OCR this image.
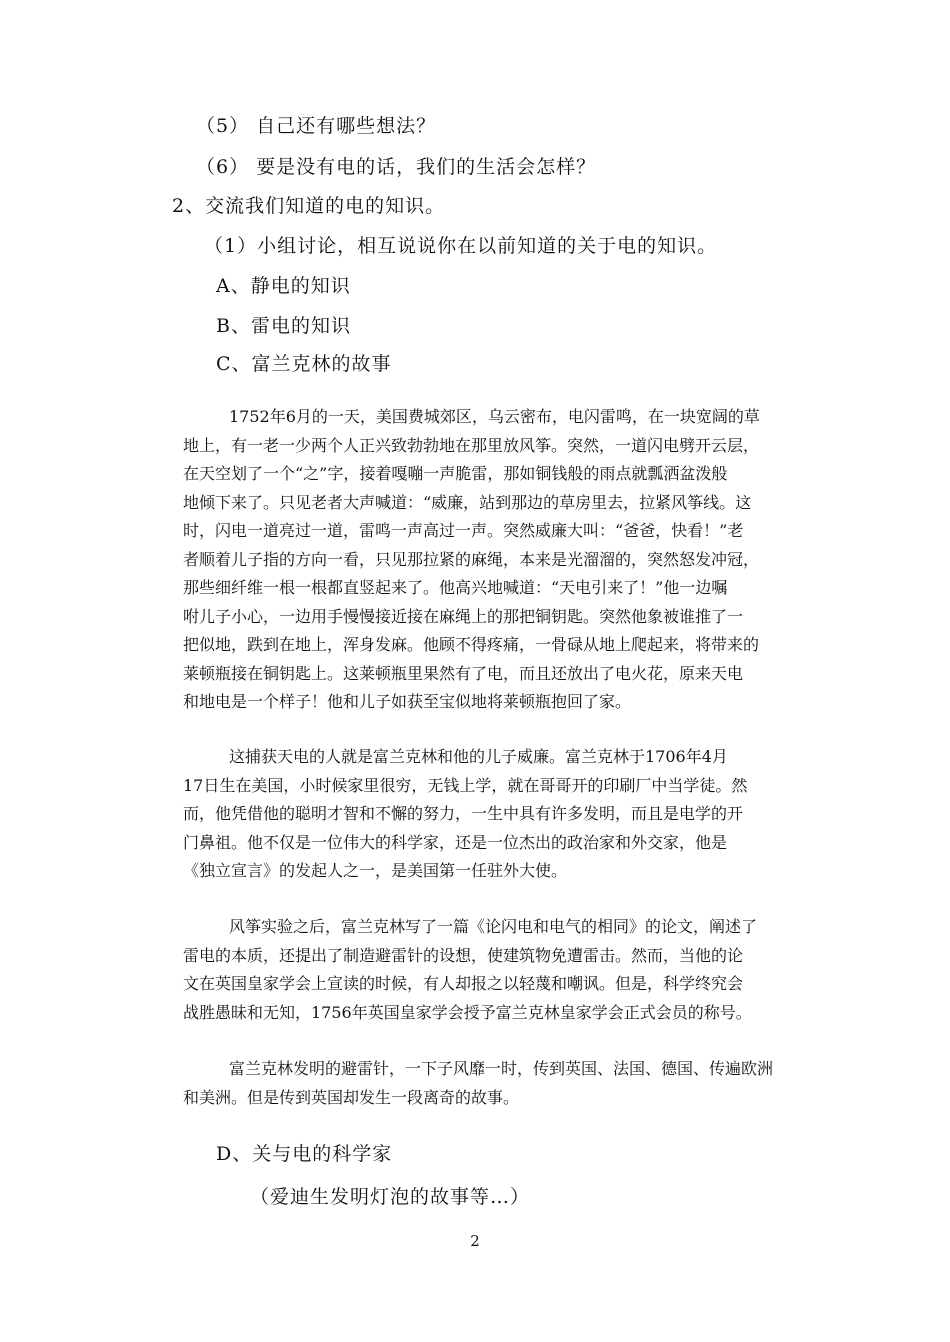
（5） 自己还有哪些想法？
（6） 要是没有电的话，我们的生活会怎样？
2、交流我们知道的电的知识。
（1）小组讨论，相互说说你在以前知道的关于电的知识。
A、静电的知识
B、雷电的知识
C、富兰克林的故事
1752年6月的一天，美国费城郊区，乌云密布，电闪雷鸣，在一块宽阔的草
地上，有一老一少两个人正兴致勃勃地在那里放风筝。突然，一道闪电劈开云层，
在天空划了一个“之”字，接着嘎嘣一声脆雷，那如铜钱般的雨点就瓢洒盆泼般
地倾下来了。只见老者大声喊道：“威廉，站到那边的草房里去，拉紧风筝线。这
时，闪电一道亮过一道，雷鸣一声高过一声。突然威廉大叫：“爸爸，快看！”老
者顺着儿子指的方向一看，只见那拉紧的麻绳，本来是光溜溜的，突然怒发冲冠，
那些细纤维一根一根都直竖起来了。他高兴地喊道：“天电引来了！”他一边嘱
咐儿子小心，一边用手慢慢接近接在麻绳上的那把铜钥匙。突然他象被谁推了一
把似地，跌到在地上，浑身发麻。他顾不得疼痛，一骨碌从地上爬起来，将带来的
莱顿瓶接在铜钥匙上。这莱顿瓶里果然有了电，而且还放出了电火花，原来天电
和地电是一个样子！他和儿子如获至宝似地将莱顿瓶抱回了家。
这捕获天电的人就是富兰克林和他的儿子威廉。富兰克林于1706年4月
17日生在美国，小时候家里很穷，无钱上学，就在哥哥开的印刷厂中当学徒。然
而，他凭借他的聪明才智和不懈的努力，一生中具有许多发明，而且是电学的开
门鼻祖。他不仅是一位伟大的科学家，还是一位杰出的政治家和外交家，他是
《独立宣言》的发起人之一，是美国第一任驻外大使。
风筝实验之后，富兰克林写了一篇《论闪电和电气的相同》的论文，阐述了
雷电的本质，还提出了制造避雷针的设想，使建筑物免遭雷击。然而，当他的论
文在英国皇家学会上宣读的时候，有人却报之以轻蔑和嘲讽。但是，科学终究会
战胜愚昧和无知，1756年英国皇家学会授予富兰克林皇家学会正式会员的称号。
富兰克林发明的避雷针，一下子风靡一时，传到英国、法国、德国、传遍欧洲
和美洲。但是传到英国却发生一段离奇的故事。
D、关与电的科学家
（爱迪生发明灯泡的故事等…）
2
